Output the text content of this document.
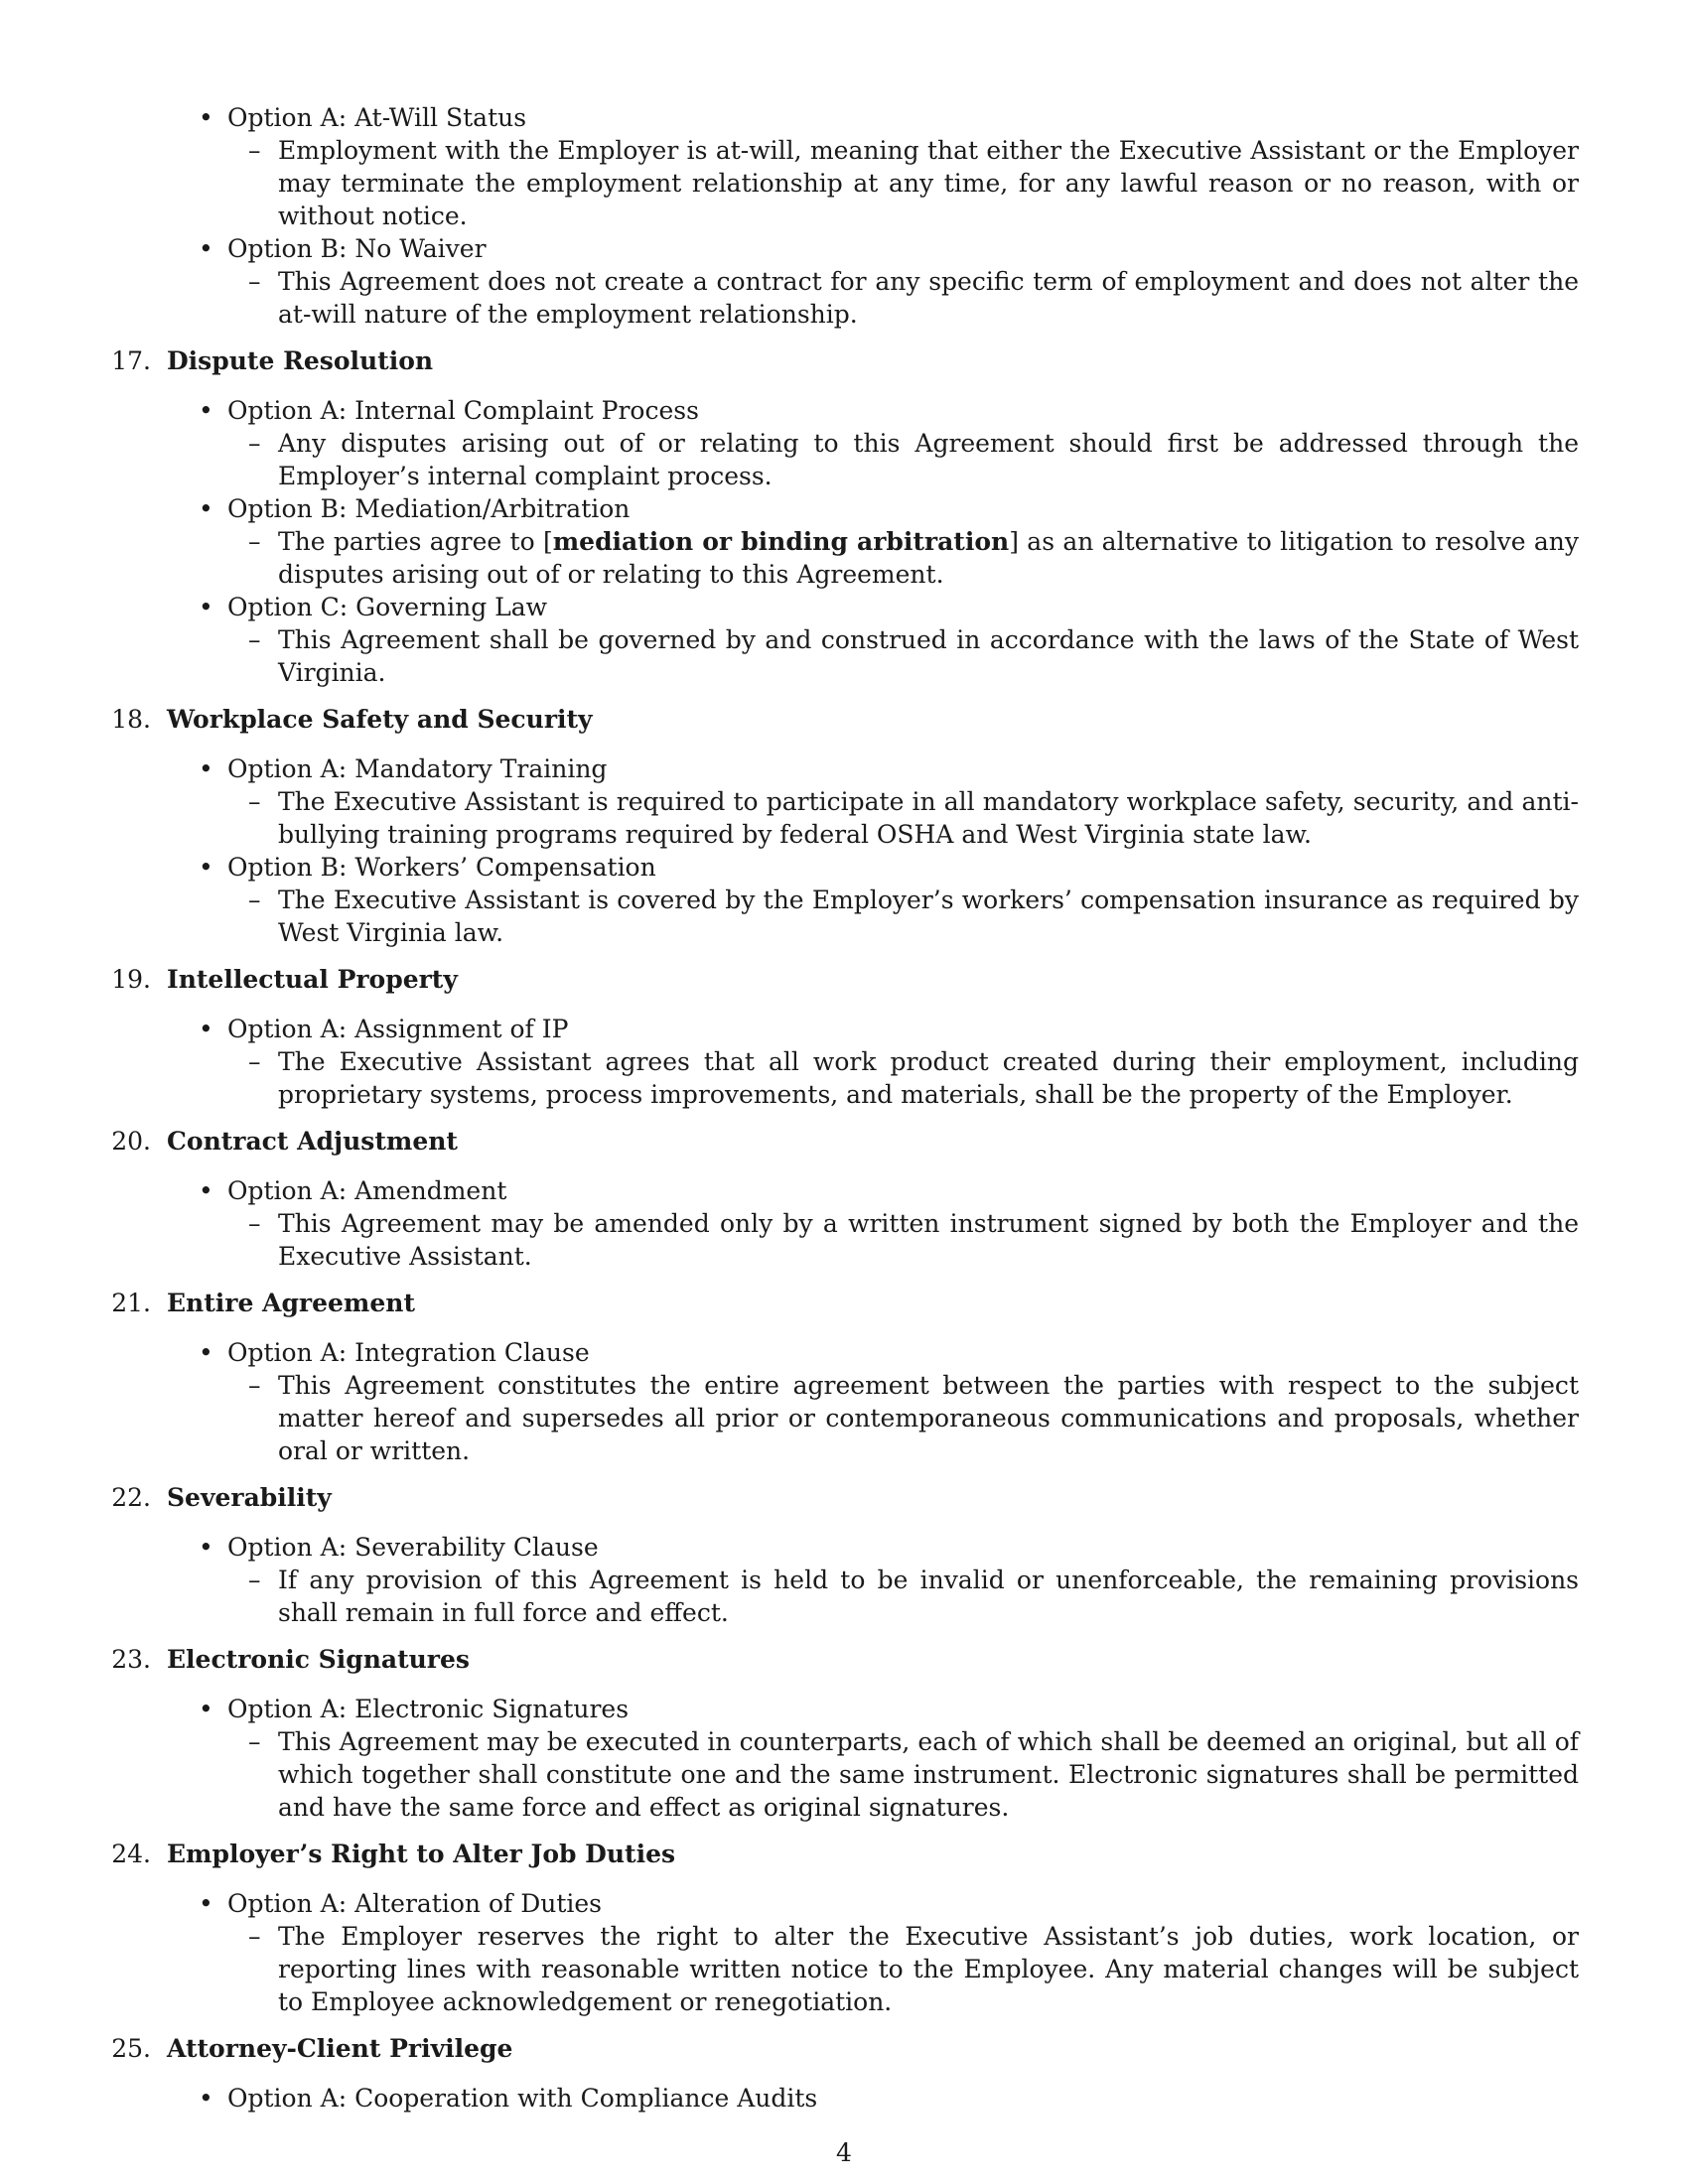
• Option A: At-Will Status
– Employment with the Employer is at-will, meaning that either the Executive Assistant or the Employer may terminate the employment relationship at any time, for any lawful reason or no reason, with or without notice.
• Option B: No Waiver
– This Agreement does not create a contract for any specific term of employment and does not alter the at-will nature of the employment relationship.
17. Dispute Resolution
• Option A: Internal Complaint Process
– Any disputes arising out of or relating to this Agreement should first be addressed through the Employer’s internal complaint process.
• Option B: Mediation/Arbitration
– The parties agree to [mediation or binding arbitration] as an alternative to litigation to resolve any disputes arising out of or relating to this Agreement.
• Option C: Governing Law
– This Agreement shall be governed by and construed in accordance with the laws of the State of West Virginia.
18. Workplace Safety and Security
• Option A: Mandatory Training
– The Executive Assistant is required to participate in all mandatory workplace safety, security, and anti-bullying training programs required by federal OSHA and West Virginia state law.
• Option B: Workers’ Compensation
– The Executive Assistant is covered by the Employer’s workers’ compensation insurance as required by West Virginia law.
19. Intellectual Property
• Option A: Assignment of IP
– The Executive Assistant agrees that all work product created during their employment, including proprietary systems, process improvements, and materials, shall be the property of the Employer.
20. Contract Adjustment
• Option A: Amendment
– This Agreement may be amended only by a written instrument signed by both the Employer and the Executive Assistant.
21. Entire Agreement
• Option A: Integration Clause
– This Agreement constitutes the entire agreement between the parties with respect to the subject matter hereof and supersedes all prior or contemporaneous communications and proposals, whether oral or written.
22. Severability
• Option A: Severability Clause
– If any provision of this Agreement is held to be invalid or unenforceable, the remaining provisions shall remain in full force and effect.
23. Electronic Signatures
• Option A: Electronic Signatures
– This Agreement may be executed in counterparts, each of which shall be deemed an original, but all of which together shall constitute one and the same instrument. Electronic signatures shall be permitted and have the same force and effect as original signatures.
24. Employer’s Right to Alter Job Duties
• Option A: Alteration of Duties
– The Employer reserves the right to alter the Executive Assistant’s job duties, work location, or reporting lines with reasonable written notice to the Employee. Any material changes will be subject to Employee acknowledgement or renegotiation.
25. Attorney-Client Privilege
• Option A: Cooperation with Compliance Audits
4
